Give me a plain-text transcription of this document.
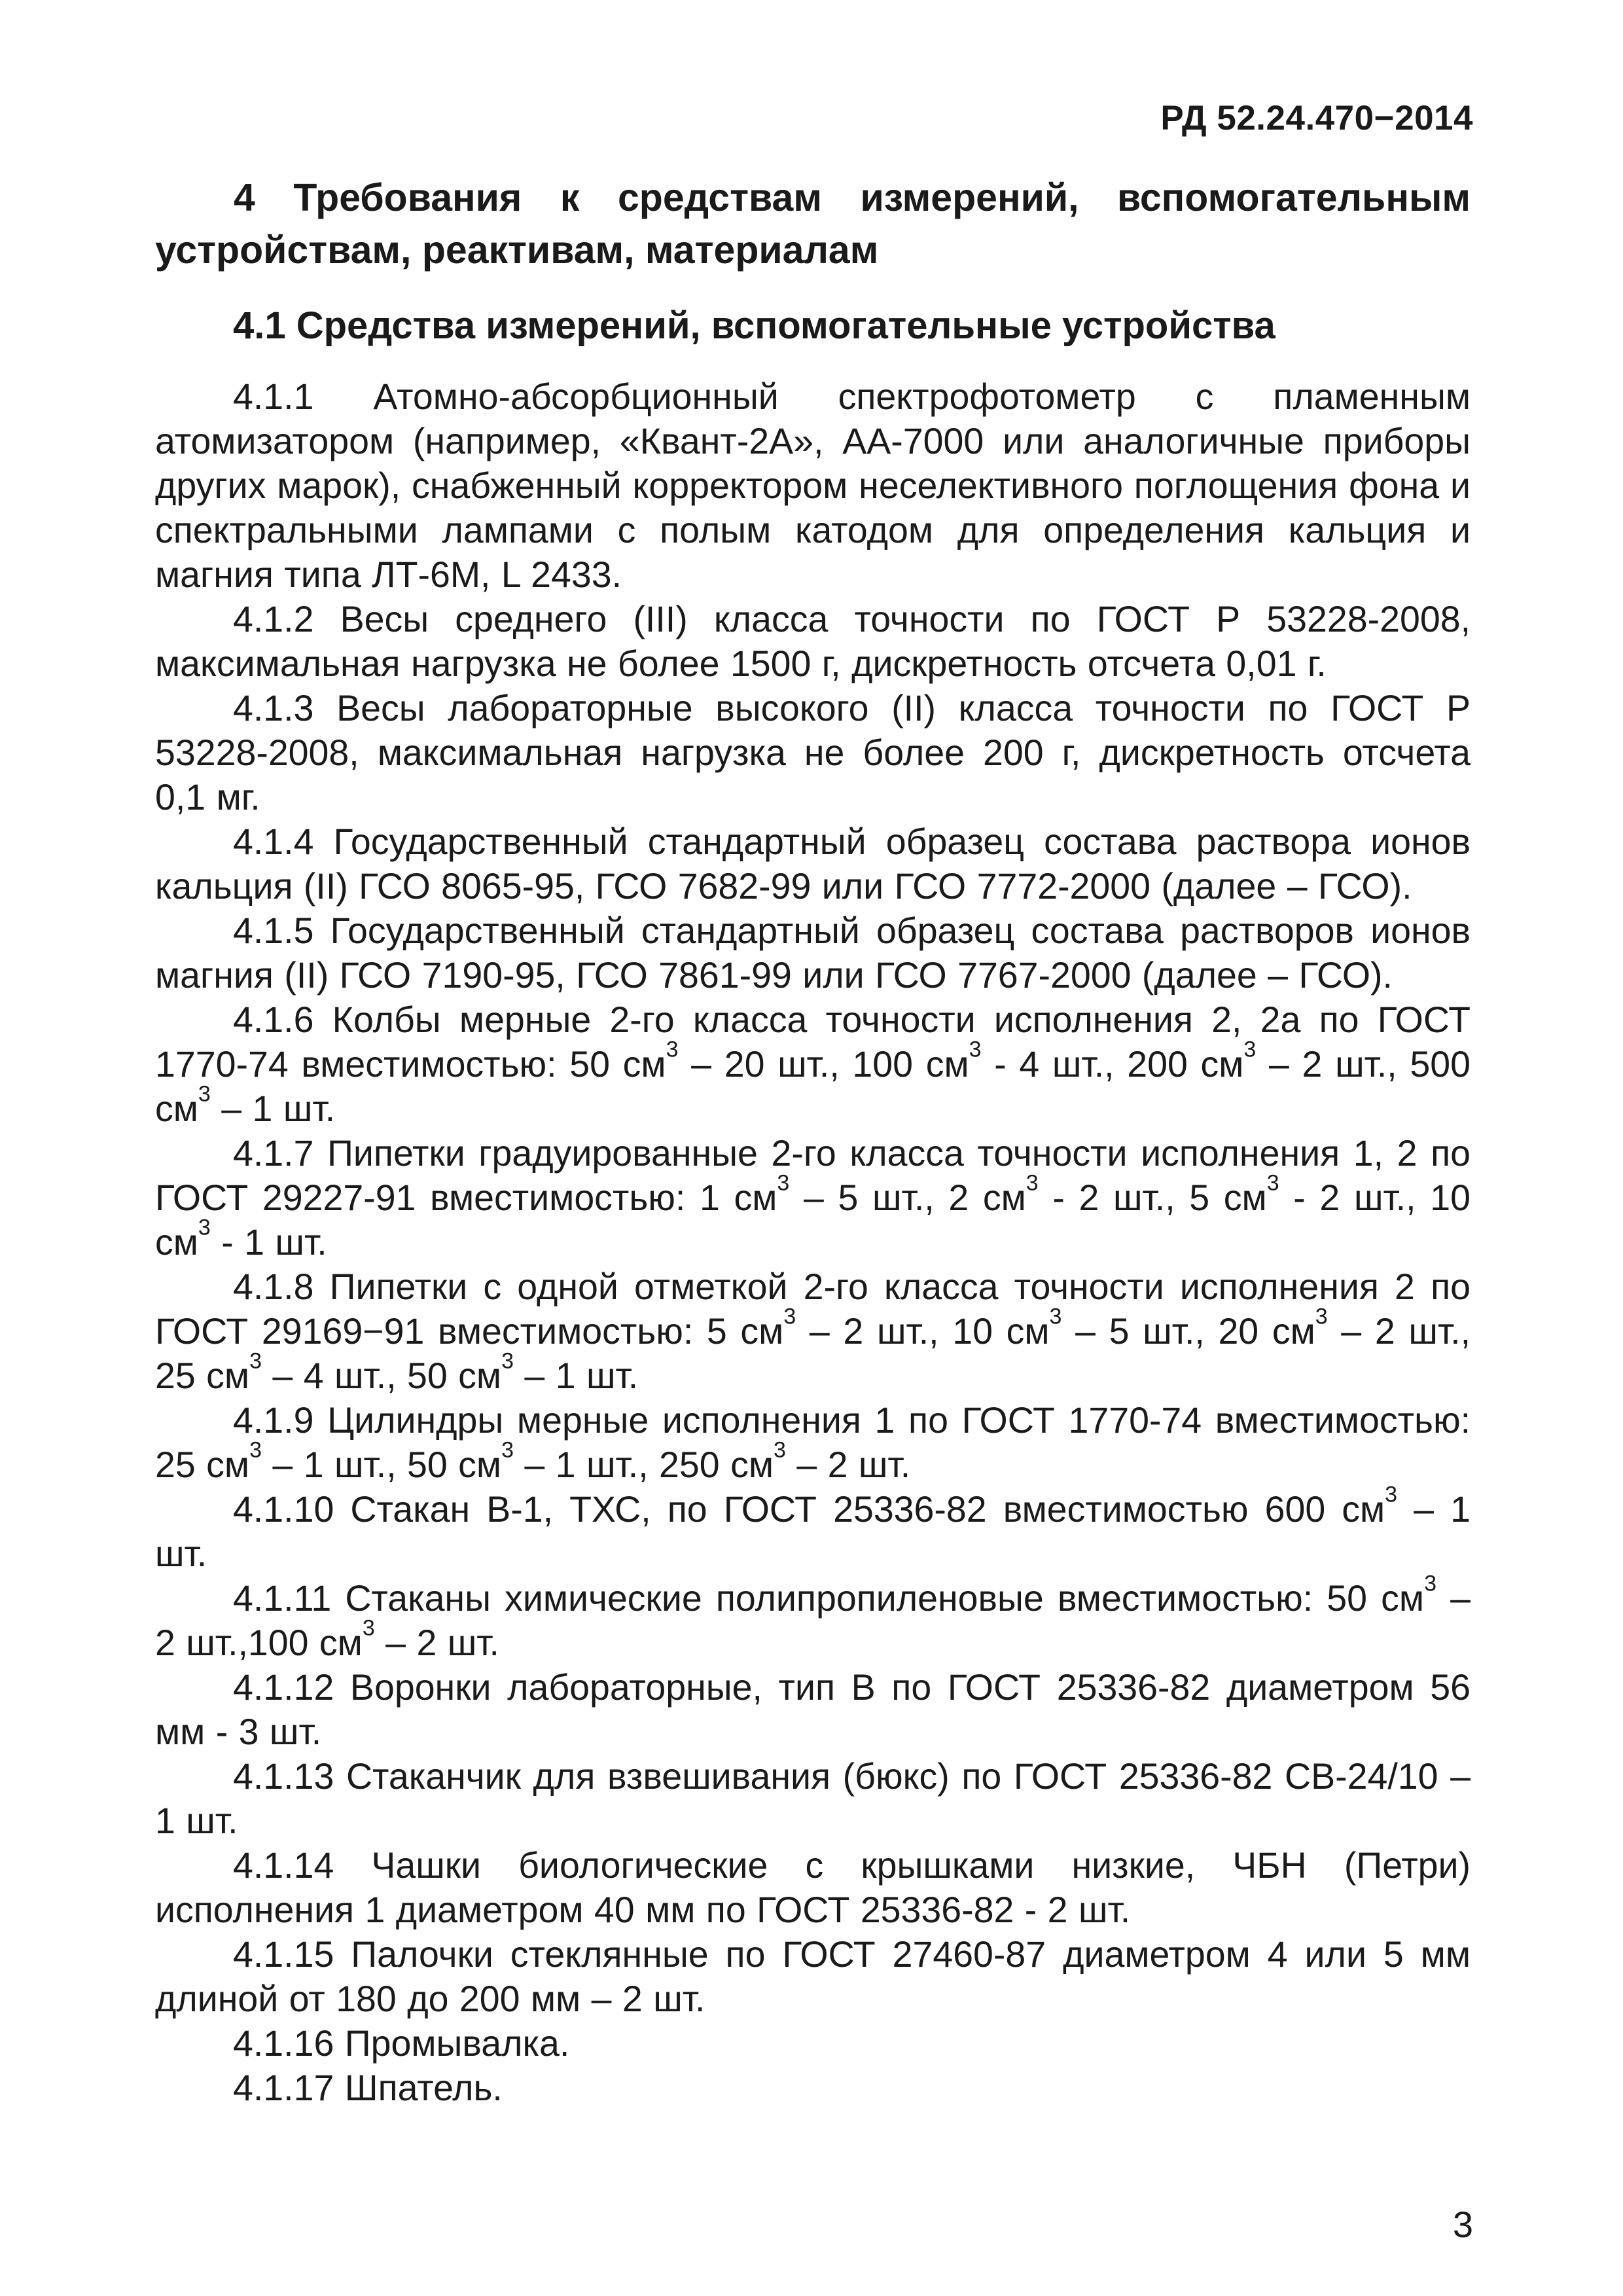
РД 52.24.470−2014
4 Требования к средствам измерений, вспомогательным устройствам, реактивам, материалам
4.1 Средства измерений, вспомогательные устройства

4.1.1 Атомно-абсорбционный спектрофотометр с пламенным атомизатором (например, «Квант-2А», АА-7000 или аналогичные приборы других марок), снабженный корректором неселективного поглощения фона и спектральными лампами с полым катодом для определения кальция и магния типа ЛТ-6М, L 2433.

4.1.2 Весы среднего (III) класса точности по ГОСТ Р 53228-2008, максимальная нагрузка не более 1500 г, дискретность отсчета 0,01 г.

4.1.3 Весы лабораторные высокого (II) класса точности по ГОСТ Р 53228-2008, максимальная нагрузка не более 200 г, дискретность отсчета 0,1 мг.

4.1.4 Государственный стандартный образец состава раствора ионов кальция (II) ГСО 8065-95, ГСО 7682-99 или ГСО 7772-2000 (далее – ГСО).

4.1.5 Государственный стандартный образец состава растворов ионов магния (II) ГСО 7190-95, ГСО 7861-99 или ГСО 7767-2000 (далее – ГСО).

4.1.6 Колбы мерные 2-го класса точности исполнения 2, 2а по ГОСТ 1770-74 вместимостью: 50 $см^3 - 20$ шт., 100 $см^3 - 4$ шт., 200 $см^3 - 2$ шт., 500 $см^3 - 1$ шт.

4.1.7 Пипетки градуированные 2-го класса точности исполнения 1, 2 по ГОСТ 29227-91 вместимостью: 1 $см^3 - 5$ шт., 2 $см^3 - 2$ шт., 5 $см^3 - 2$ шт., 10 $см^3 - 1$ шт.

4.1.8 Пипетки с одной отметкой 2-го класса точности исполнения 2 по ГОСТ 29169−91 вместимостью: 5 $см^3 - 2$ шт., 10 $см^3 - 5$ шт., 20 $см^3 - 2$ шт., 25 $см^3 - 4$ шт., 50 $см^3 - 1$ шт.

4.1.9 Цилиндры мерные исполнения 1 по ГОСТ 1770-74 вместимостью: 25 $см^3 - 1$ шт., 50 $см^3 - 1$ шт., 250 $см^3 - 2$ шт.

4.1.10 Стакан В-1, ТХС, по ГОСТ 25336-82 вместимостью 600 $см^3 - 1$ шт.

4.1.11 Стаканы химические полипропиленовые вместимостью: 50 $см^3 - 2$ шт.,100 $см^3 - 2$ шт.

4.1.12 Воронки лабораторные, тип В по ГОСТ 25336-82 диаметром 56 мм - 3 шт.

4.1.13 Стаканчик для взвешивания (бюкс) по ГОСТ 25336-82 СВ-24/10 – 1 шт.

4.1.14 Чашки биологические с крышками низкие, ЧБН (Петри) исполнения 1 диаметром 40 мм по ГОСТ 25336-82 - 2 шт.

4.1.15 Палочки стеклянные по ГОСТ 27460-87 диаметром 4 или 5 мм длиной от 180 до 200 мм – 2 шт.

4.1.16 Промывалка.

4.1.17 Шпатель.

3
